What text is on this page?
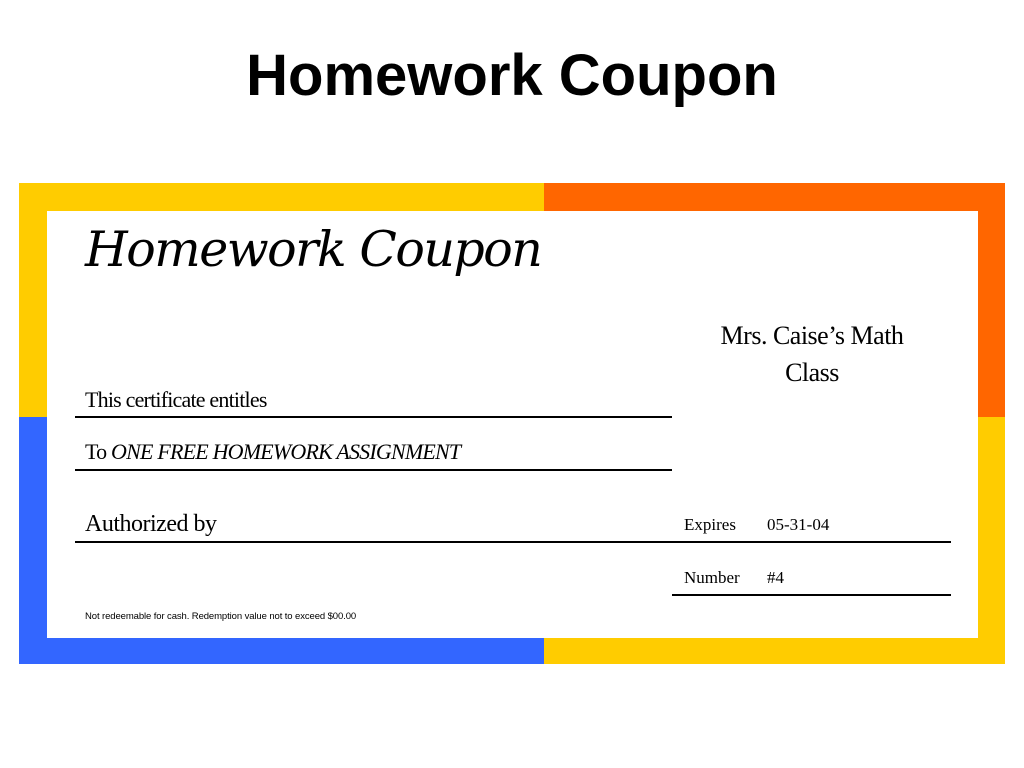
Homework Coupon
Homework Coupon
Mrs. Caise’s Math Class
This certificate entitles
To ONE FREE HOMEWORK ASSIGNMENT
Authorized by	Expires 05-31-04
Number #4
Not redeemable for cash. Redemption value not to exceed $00.00
